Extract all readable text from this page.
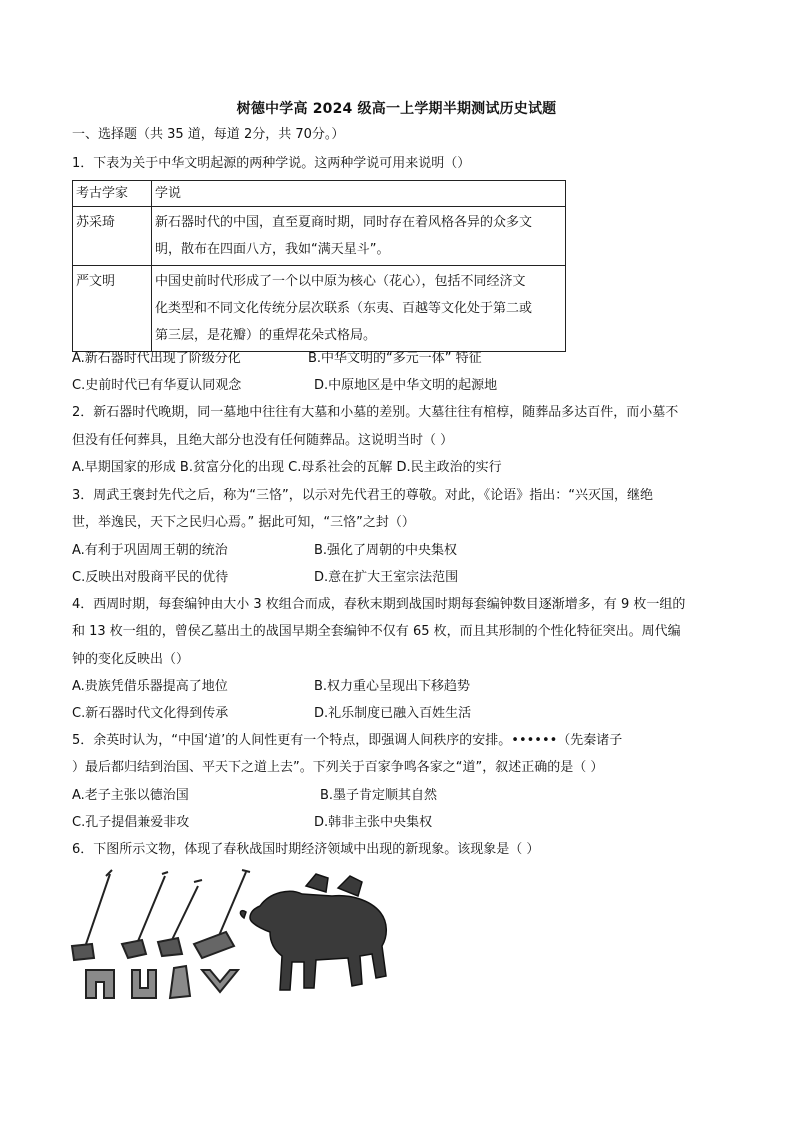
树德中学高 2024 级高一上学期半期测试历史试题
一、选择题（共 35 道，每道 2分，共 70分。）
1．下表为关于中华文明起源的两种学说。这两种学说可用来说明（）
考古学家	学说
苏采琦	新石器时代的中国，直至夏商时期，同时存在着风格各异的众多文
明，散布在四面八方，我如“满天星斗”。

严文明	中国史前时代形成了一个以中原为核心（花心），包括不同经济文
化类型和不同文化传统分层次联系（东夷、百越等文化处于第二或
第三层，是花瓣）的重焊花朵式格局。
A.新石器时代出现了阶级分化	B.中华文明的“多元一体” 特征
C.史前时代已有华夏认同观念	D.中原地区是中华文明的起源地
2．新石器时代晚期，同一墓地中往往有大墓和小墓的差别。大墓往往有棺椁，随葬品多达百件，而小墓不
但没有任何葬具，且绝大部分也没有任何随葬品。这说明当时（ ）
A.早期国家的形成 B.贫富分化的出现 C.母系社会的瓦解 D.民主政治的实行
3．周武王褒封先代之后，称为“三恪”，以示对先代君王的尊敬。对此，《论语》指出：“兴灭国，继绝
世，举逸民，天下之民归心焉。” 据此可知，“三恪”之封（）
A.有利于巩固周王朝的统治	B.强化了周朝的中央集权
C.反映出对殷商平民的优待	D.意在扩大王室宗法范围
4．西周时期，每套编钟由大小 3 枚组合而成，春秋末期到战国时期每套编钟数目逐渐增多，有 9 枚一组的
和 13 枚一组的，曾侯乙墓出土的战国早期全套编钟不仅有 65 枚，而且其形制的个性化特征突出。周代编
钟的变化反映出（）
A.贵族凭借乐器提高了地位	B.权力重心呈现出下移趋势
C.新石器时代文化得到传承	D.礼乐制度已融入百姓生活
5．余英时认为，“中国‘道’的人间性更有一个特点，即强调人间秩序的安排。••••••（先秦诸子
）最后都归结到治国、平天下之道上去”。下列关于百家争鸣各家之“道”，叙述正确的是（ ）
A.老子主张以德治国	B.墨子肯定顺其自然
C.孔子提倡兼爱非攻	D.韩非主张中央集权
6．下图所示文物，体现了春秋战国时期经济领域中出现的新现象。该现象是（ ）
